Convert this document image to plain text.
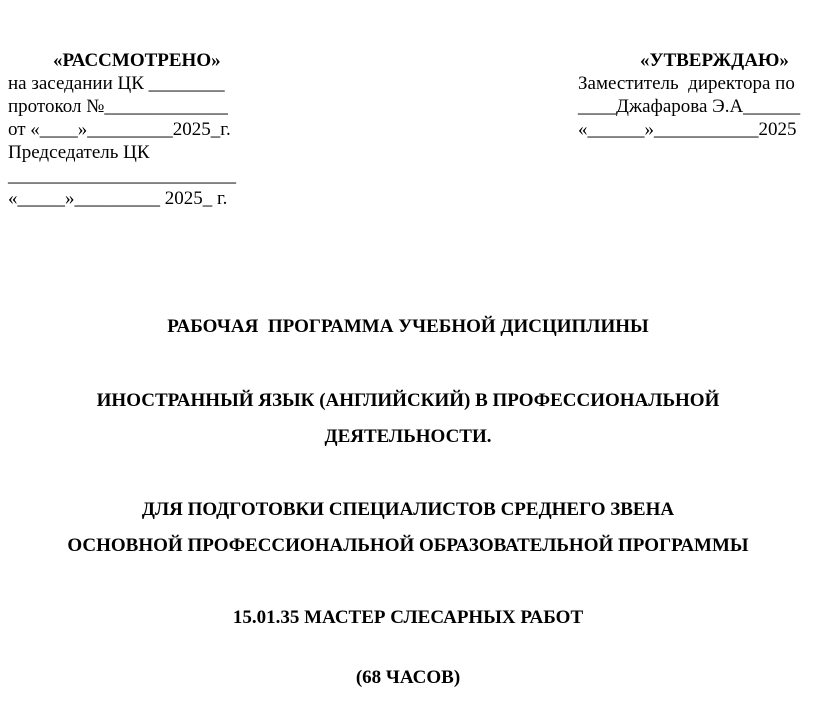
«РАССМОТРЕНО»
на заседании ЦК ________
протокол №_____________
от «____»_________2025_г.
Председатель ЦК
________________________
«_____»_________ 2025_ г.
«УТВЕРЖДАЮ»
Заместитель  директора по
____Джафарова Э.А______
«______»___________2025
РАБОЧАЯ  ПРОГРАММА УЧЕБНОЙ ДИСЦИПЛИНЫ
ИНОСТРАННЫЙ ЯЗЫК (АНГЛИЙСКИЙ) В ПРОФЕССИОНАЛЬНОЙ
ДЕЯТЕЛЬНОСТИ.
ДЛЯ ПОДГОТОВКИ СПЕЦИАЛИСТОВ СРЕДНЕГО ЗВЕНА
ОСНОВНОЙ ПРОФЕССИОНАЛЬНОЙ ОБРАЗОВАТЕЛЬНОЙ ПРОГРАММЫ
15.01.35 МАСТЕР СЛЕСАРНЫХ РАБОТ
(68 ЧАСОВ)
